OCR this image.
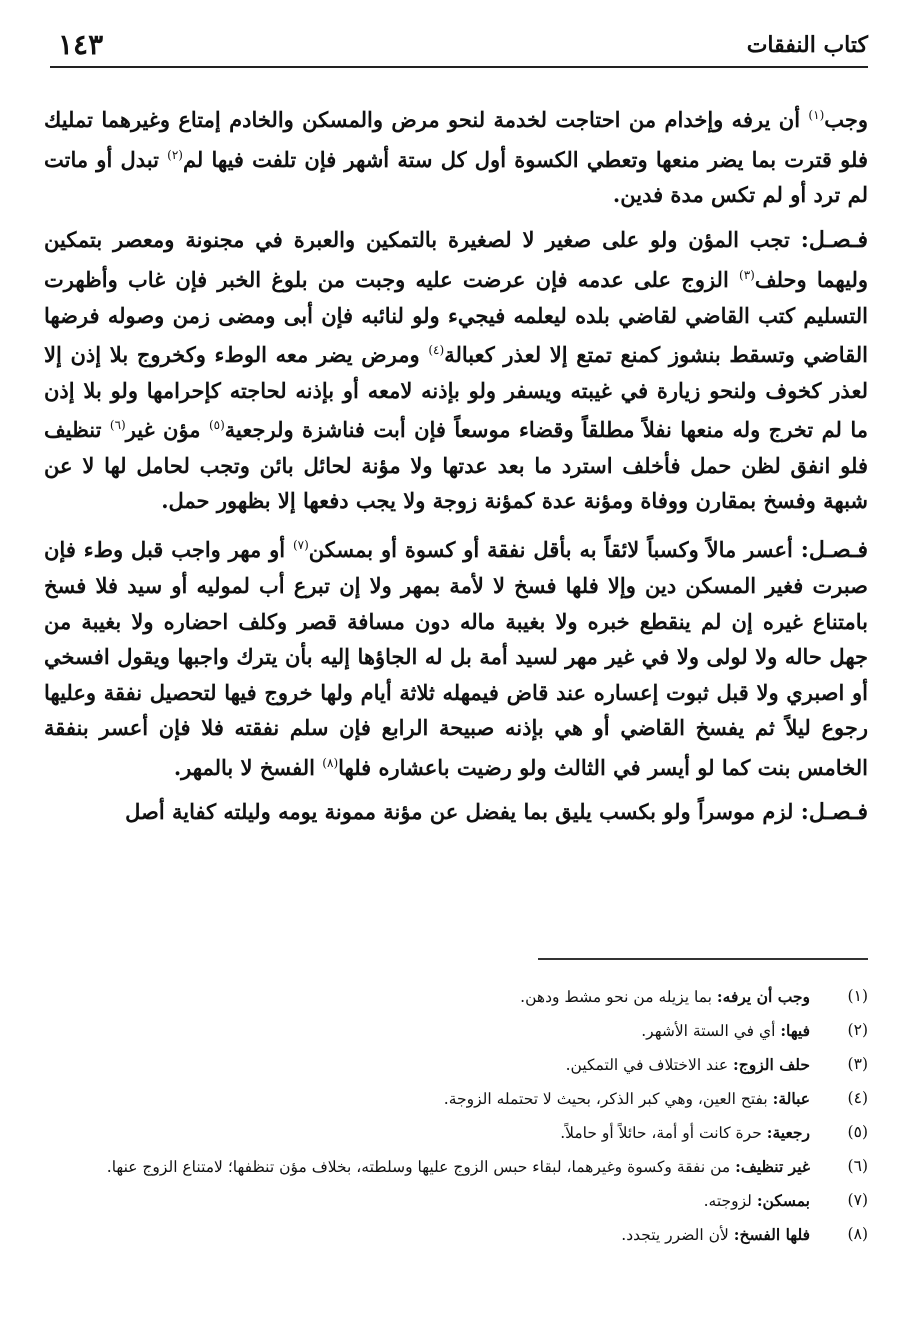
١٤٣	كتاب النفقات

وجب$^{(١)}$ أن يرفه وإخدام من احتاجت لخدمة لنحو مرض والمسكن والخادم إمتاع وغيرهما تمليك فلو قترت بما يضر منعها وتعطي الكسوة أول كل ستة أشهر فإن تلفت فيها لم$^{(٢)}$ تبدل أو ماتت لم ترد أو لم تكس مدة فدين.

فـصـل: تجب المؤن ولو على صغير لا لصغيرة بالتمكين والعبرة في مجنونة ومعصر بتمكين وليهما وحلف$^{(٣)}$ الزوج على عدمه فإن عرضت عليه وجبت من بلوغ الخبر فإن غاب وأظهرت التسليم كتب القاضي لقاضي بلده ليعلمه فيجيء ولو لنائبه فإن أبى ومضى زمن وصوله فرضها القاضي وتسقط بنشوز كمنع تمتع إلا لعذر كعبالة$^{(٤)}$ ومرض يضر معه الوطء وكخروج بلا إذن إلا لعذر كخوف ولنحو زيارة في غيبته ويسفر ولو بإذنه لامعه أو بإذنه لحاجته كإحرامها ولو بلا إذن ما لم تخرج وله منعها نفلاً مطلقاً وقضاء موسعاً فإن أبت فناشزة ولرجعية$^{(٥)}$ مؤن غير$^{(٦)}$ تنظيف فلو انفق لظن حمل فأخلف استرد ما بعد عدتها ولا مؤنة لحائل بائن وتجب لحامل لها لا عن شبهة وفسخ بمقارن ووفاة ومؤنة عدة كمؤنة زوجة ولا يجب دفعها إلا بظهور حمل.

فـصـل: أعسر مالاً وكسباً لائقاً به بأقل نفقة أو كسوة أو بمسكن$^{(٧)}$ أو مهر واجب قبل وطء فإن صبرت فغير المسكن دين وإلا فلها فسخ لا لأمة بمهر ولا إن تبرع أب لموليه أو سيد فلا فسخ بامتناع غيره إن لم ينقطع خبره ولا بغيبة ماله دون مسافة قصر وكلف احضاره ولا بغيبة من جهل حاله ولا لولى ولا في غير مهر لسيد أمة بل له الجاؤها إليه بأن يترك واجبها ويقول افسخي أو اصبري ولا قبل ثبوت إعساره عند قاض فيمهله ثلاثة أيام ولها خروج فيها لتحصيل نفقة وعليها رجوع ليلاً ثم يفسخ القاضي أو هي بإذنه صبيحة الرابع فإن سلم نفقته فلا فإن أعسر بنفقة الخامس بنت كما لو أيسر في الثالث ولو رضيت باعشاره فلها$^{(٨)}$ الفسخ لا بالمهر.

فـصـل: لزم موسراً ولو بكسب يليق بما يفضل عن مؤنة ممونة يومه وليلته كفاية أصل

(١)
وجب أن يرفه: بما يزيله من نحو مشط ودهن.
(٢)
فيها: أي في الستة الأشهر.
(٣)
حلف الزوج: عند الاختلاف في التمكين.
(٤)
عبالة: بفتح العين، وهي كبر الذكر، بحيث لا تحتمله الزوجة.
(٥)
رجعية: حرة كانت أو أمة، حائلاً أو حاملاً.
(٦)
غير تنظيف: من نفقة وكسوة وغيرهما، لبقاء حبس الزوج عليها وسلطته، بخلاف مؤن تنظفها؛ لامتناع الزوج عنها.
(٧)
بمسكن: لزوجته.
(٨)
فلها الفسخ: لأن الضرر يتجدد.
